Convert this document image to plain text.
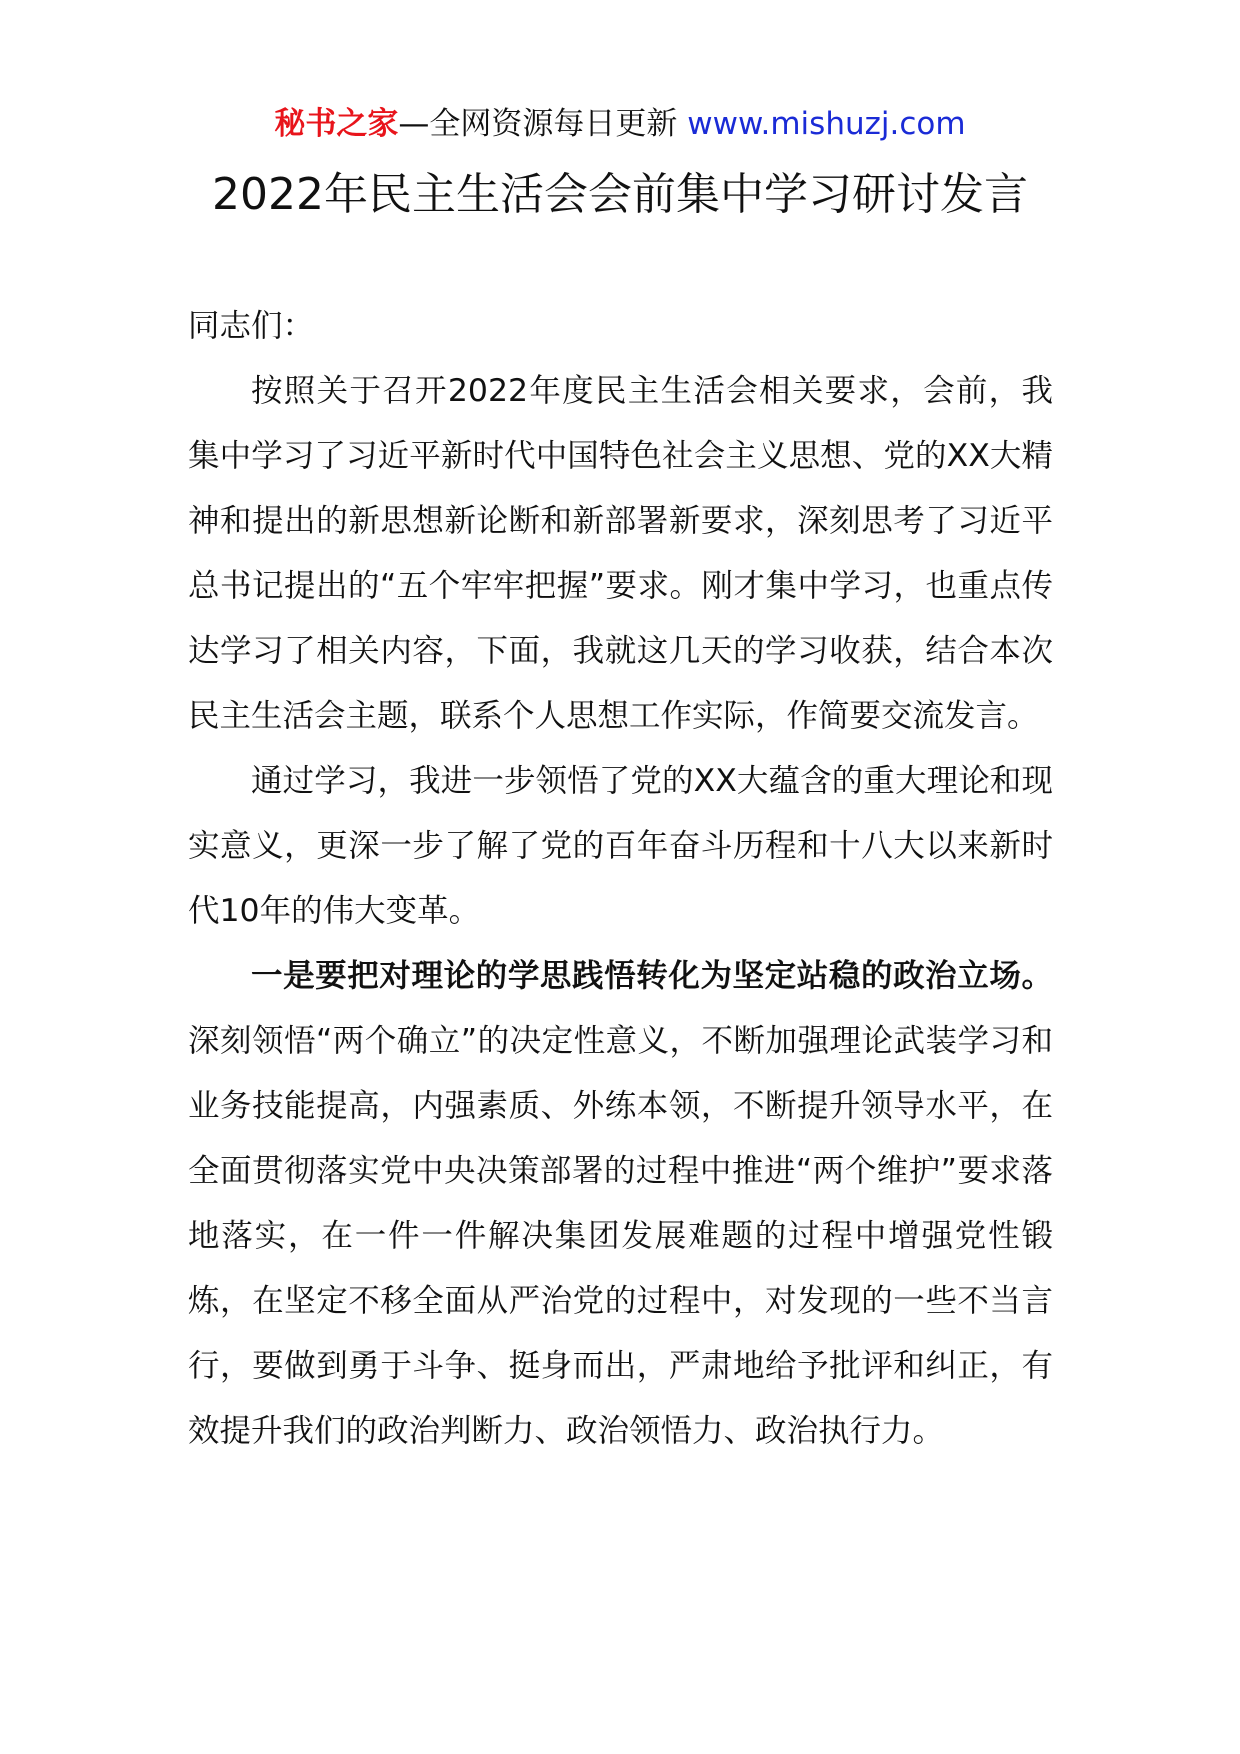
秘书之家—全网资源每日更新 www.mishuzj.com
2022年民主生活会会前集中学习研讨发言

同志们：

按照关于召开2022年度民主生活会相关要求，会前，我集中学习了习近平新时代中国特色社会主义思想、党的XX大精神和提出的新思想新论断和新部署新要求，深刻思考了习近平总书记提出的“五个牢牢把握”要求。刚才集中学习，也重点传达学习了相关内容，下面，我就这几天的学习收获，结合本次民主生活会主题，联系个人思想工作实际，作简要交流发言。

通过学习，我进一步领悟了党的XX大蕴含的重大理论和现实意义，更深一步了解了党的百年奋斗历程和十八大以来新时代10年的伟大变革。

一是要把对理论的学思践悟转化为坚定站稳的政治立场。深刻领悟“两个确立”的决定性意义，不断加强理论武装学习和业务技能提高，内强素质、外练本领，不断提升领导水平，在全面贯彻落实党中央决策部署的过程中推进“两个维护”要求落地落实，在一件一件解决集团发展难题的过程中增强党性锻炼，在坚定不移全面从严治党的过程中，对发现的一些不当言行，要做到勇于斗争、挺身而出，严肃地给予批评和纠正，有效提升我们的政治判断力、政治领悟力、政治执行力。
